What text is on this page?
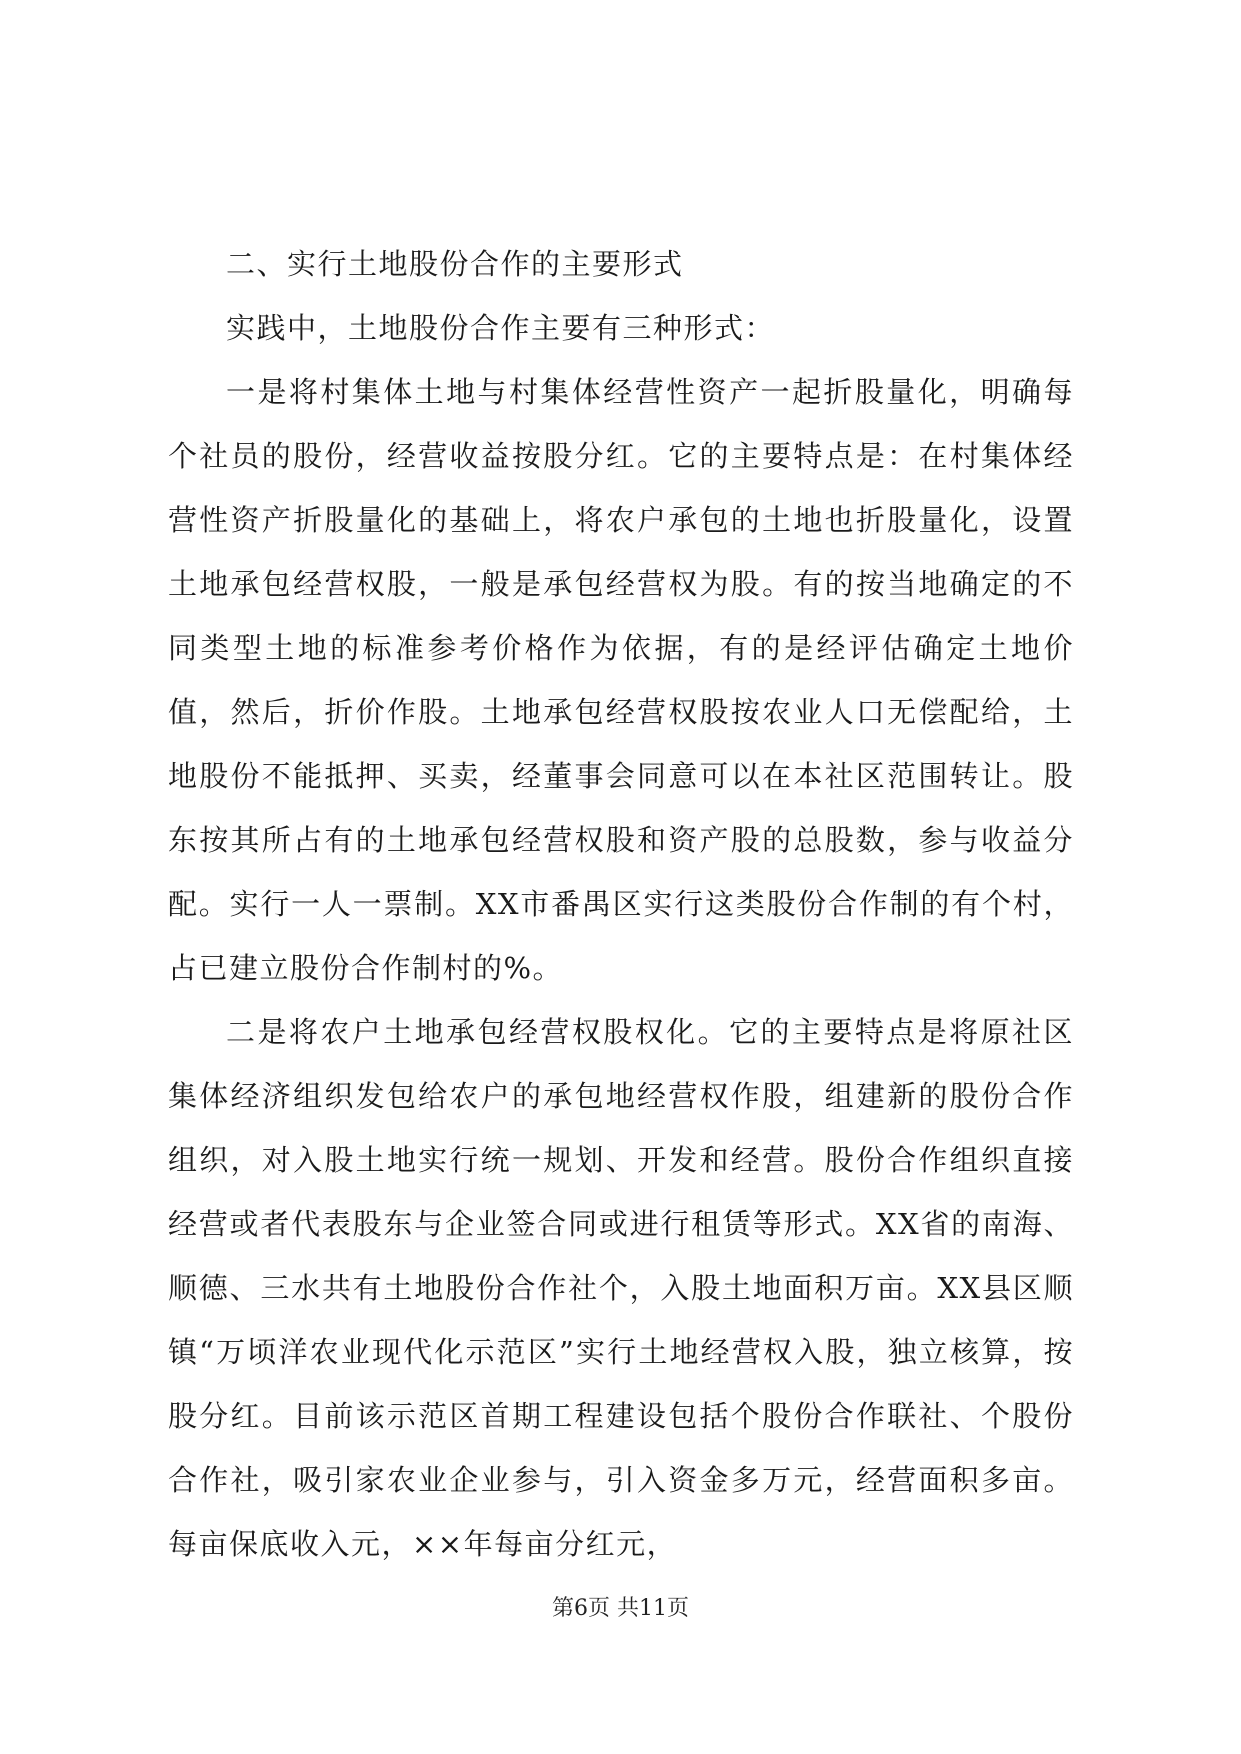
二、实行土地股份合作的主要形式

实践中，土地股份合作主要有三种形式：

一是将村集体土地与村集体经营性资产一起折股量化，明确每个社员的股份，经营收益按股分红。它的主要特点是：在村集体经营性资产折股量化的基础上，将农户承包的土地也折股量化，设置土地承包经营权股，一般是承包经营权为股。有的按当地确定的不同类型土地的标准参考价格作为依据，有的是经评估确定土地价值，然后，折价作股。土地承包经营权股按农业人口无偿配给，土地股份不能抵押、买卖，经董事会同意可以在本社区范围转让。股东按其所占有的土地承包经营权股和资产股的总股数，参与收益分配。实行一人一票制。XX市番禺区实行这类股份合作制的有个村，占已建立股份合作制村的%。

二是将农户土地承包经营权股权化。它的主要特点是将原社区集体经济组织发包给农户的承包地经营权作股，组建新的股份合作组织，对入股土地实行统一规划、开发和经营。股份合作组织直接经营或者代表股东与企业签合同或进行租赁等形式。XX省的南海、顺德、三水共有土地股份合作社个，入股土地面积万亩。XX县区顺镇“万顷洋农业现代化示范区”实行土地经营权入股，独立核算，按股分红。目前该示范区首期工程建设包括个股份合作联社、个股份合作社，吸引家农业企业参与，引入资金多万元，经营面积多亩。每亩保底收入元，××年每亩分红元，

第6页 共11页
